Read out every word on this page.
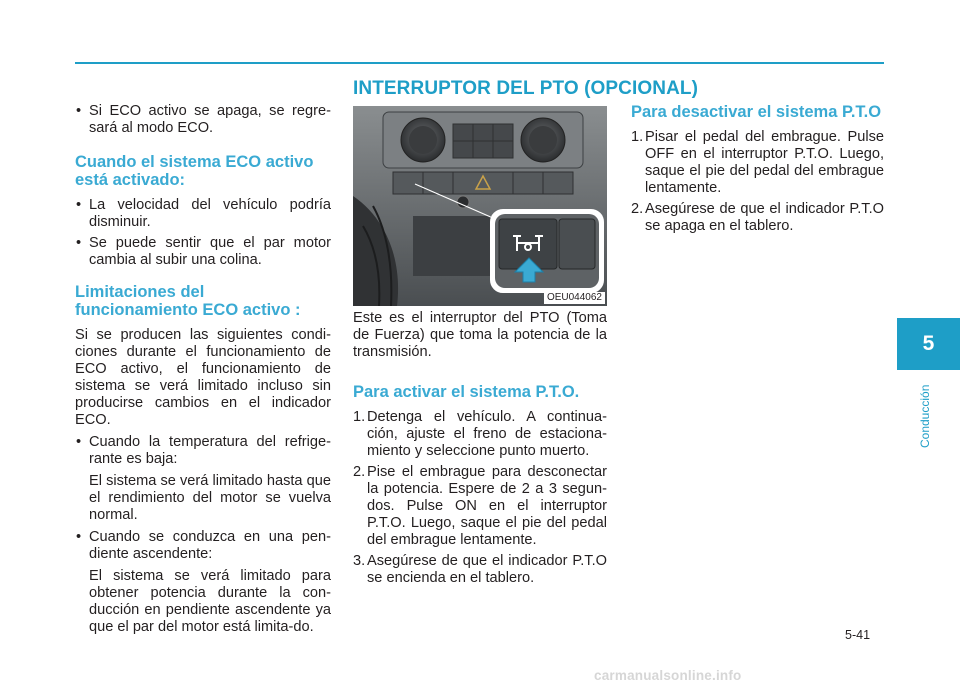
INTERRUPTOR DEL PTO (OPCIONAL)
• Si ECO activo se apaga, se regre-sará al modo ECO.
Cuando el sistema ECO activo está activado:
• La velocidad del vehículo podría disminuir.
• Se puede sentir que el par motor cambia al subir una colina.
Limitaciones del funcionamiento ECO activo :

Si se producen las siguientes condi-ciones durante el funcionamiento de ECO activo, el funcionamiento de sistema se verá limitado incluso sin producirse cambios en el indicador ECO.

• Cuando la temperatura del refrige-rante es baja:
El sistema se verá limitado hasta que el rendimiento del motor se vuelva normal.
• Cuando se conduzca en una pen-diente ascendente:
El sistema se verá limitado para obtener potencia durante la con-ducción en pendiente ascendente ya que el par del motor está limita-do.
OEU044062

Este es el interruptor del PTO (Toma de Fuerza) que toma la potencia de la transmisión.

Para activar el sistema P.T.O.
1. Detenga el vehículo. A continua-ción, ajuste el freno de estaciona-miento y seleccione punto muerto.
2. Pise el embrague para desconectar la potencia. Espere de 2 a 3 segun-dos. Pulse ON en el interruptor P.T.O. Luego, saque el pie del pedal del embrague lentamente.
3. Asegúrese de que el indicador P.T.O se encienda en el tablero.
Para desactivar el sistema P.T.O
1. Pisar el pedal del embrague. Pulse OFF en el interruptor P.T.O. Luego, saque el pie del pedal del embrague lentamente.
2. Asegúrese de que el indicador P.T.O se apaga en el tablero.
5
Conducción
5-41
carmanualsonline.info
